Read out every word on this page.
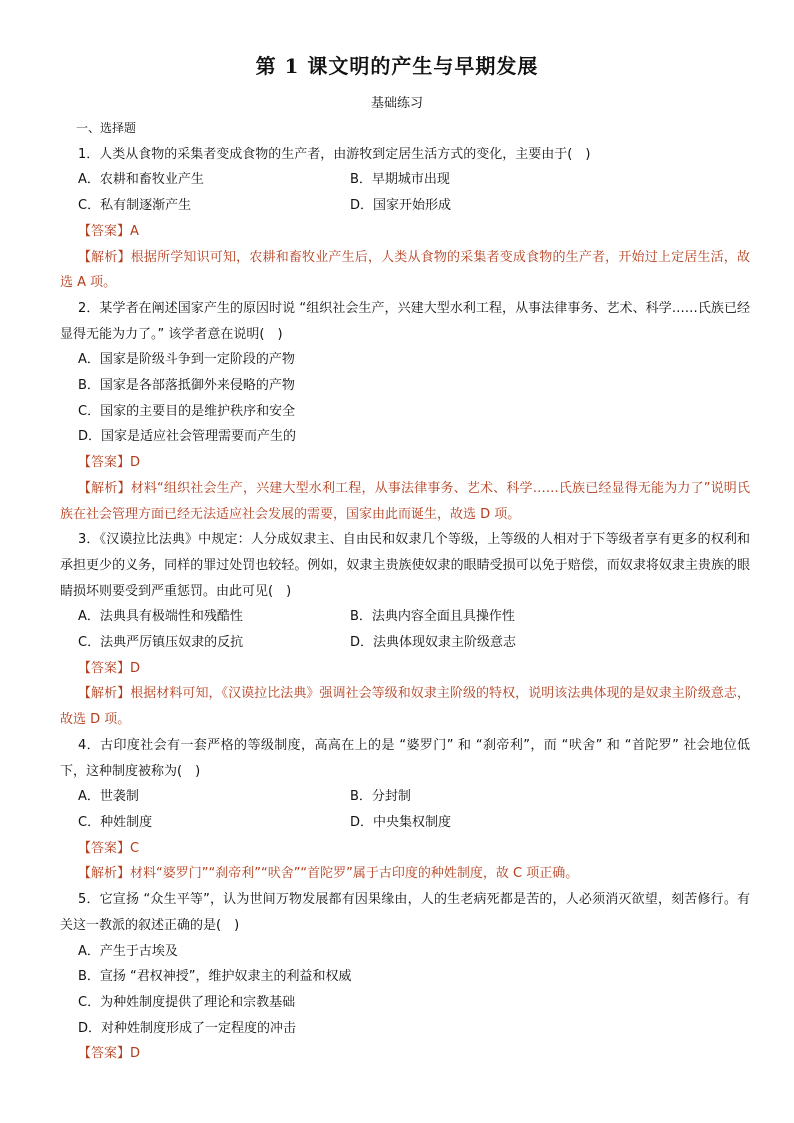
第 1 课文明的产生与早期发展
基础练习
一、选择题
1．人类从食物的采集者变成食物的生产者，由游牧到定居生活方式的变化，主要由于(　)
A．农耕和畜牧业产生	B．早期城市出现
C．私有制逐渐产生	D．国家开始形成
【答案】A
【解析】根据所学知识可知，农耕和畜牧业产生后，人类从食物的采集者变成食物的生产者，开始过上定居生活，故选 A 项。
2．某学者在阐述国家产生的原因时说 “组织社会生产，兴建大型水利工程，从事法律事务、艺术、科学……氏族已经显得无能为力了。” 该学者意在说明(　)
A．国家是阶级斗争到一定阶段的产物
B．国家是各部落抵御外来侵略的产物
C．国家的主要目的是维护秩序和安全
D．国家是适应社会管理需要而产生的
【答案】D
【解析】材料“组织社会生产，兴建大型水利工程，从事法律事务、艺术、科学……氏族已经显得无能为力了”说明氏族在社会管理方面已经无法适应社会发展的需要，国家由此而诞生，故选 D 项。
3．《汉谟拉比法典》中规定：人分成奴隶主、自由民和奴隶几个等级，上等级的人相对于下等级者享有更多的权利和承担更少的义务，同样的罪过处罚也较轻。例如，奴隶主贵族使奴隶的眼睛受损可以免于赔偿，而奴隶将奴隶主贵族的眼睛损坏则要受到严重惩罚。由此可见(　)
A．法典具有极端性和残酷性	B．法典内容全面且具操作性
C．法典严厉镇压奴隶的反抗	D．法典体现奴隶主阶级意志
【答案】D
【解析】根据材料可知，《汉谟拉比法典》强调社会等级和奴隶主阶级的特权，说明该法典体现的是奴隶主阶级意志，故选 D 项。
4．古印度社会有一套严格的等级制度，高高在上的是 “婆罗门” 和 “刹帝利”，而 “吠舍” 和 “首陀罗” 社会地位低下，这种制度被称为(　)
A．世袭制	B．分封制
C．种姓制度	D．中央集权制度
【答案】C
【解析】材料“婆罗门”“刹帝利”“吠舍”“首陀罗”属于古印度的种姓制度，故 C 项正确。
5．它宣扬 “众生平等”，认为世间万物发展都有因果缘由，人的生老病死都是苦的，人必须消灭欲望，刻苦修行。有关这一教派的叙述正确的是(　)
A．产生于古埃及
B．宣扬 “君权神授”，维护奴隶主的利益和权威
C．为种姓制度提供了理论和宗教基础
D．对种姓制度形成了一定程度的冲击
【答案】D
